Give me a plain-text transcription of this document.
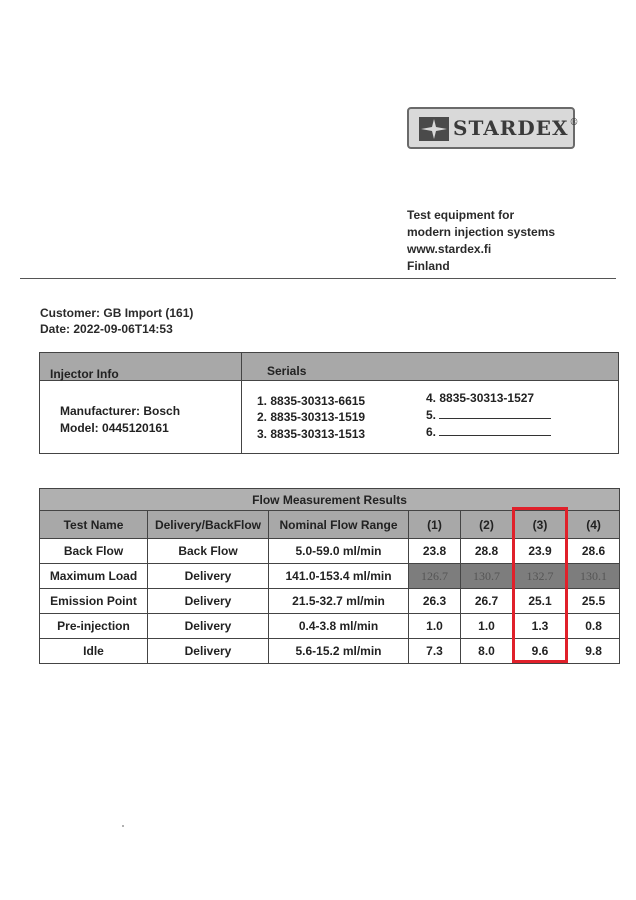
STARDEX®
Test equipment for
modern injection systems
www.stardex.fi
Finland
Customer: GB Import (161)
Date: 2022-09-06T14:53
Injector Info	Serials
Manufacturer: Bosch
Model: 0445120161
1. 8835-30313-6615
2. 8835-30313-1519
3. 8835-30313-1513
4. 8835-30313-1527
5.
6.
Flow Measurement Results						
Test Name	Delivery/BackFlow	Nominal Flow Range	(1)	(2)	(3)	(4)
Back Flow	Back Flow	5.0-59.0 ml/min	23.8	28.8	23.9	28.6
Maximum Load	Delivery	141.0-153.4 ml/min	126.7	130.7	132.7	130.1
Emission Point	Delivery	21.5-32.7 ml/min	26.3	26.7	25.1	25.5
Pre-injection	Delivery	0.4-3.8 ml/min	1.0	1.0	1.3	0.8
Idle	Delivery	5.6-15.2 ml/min	7.3	8.0	9.6	9.8
